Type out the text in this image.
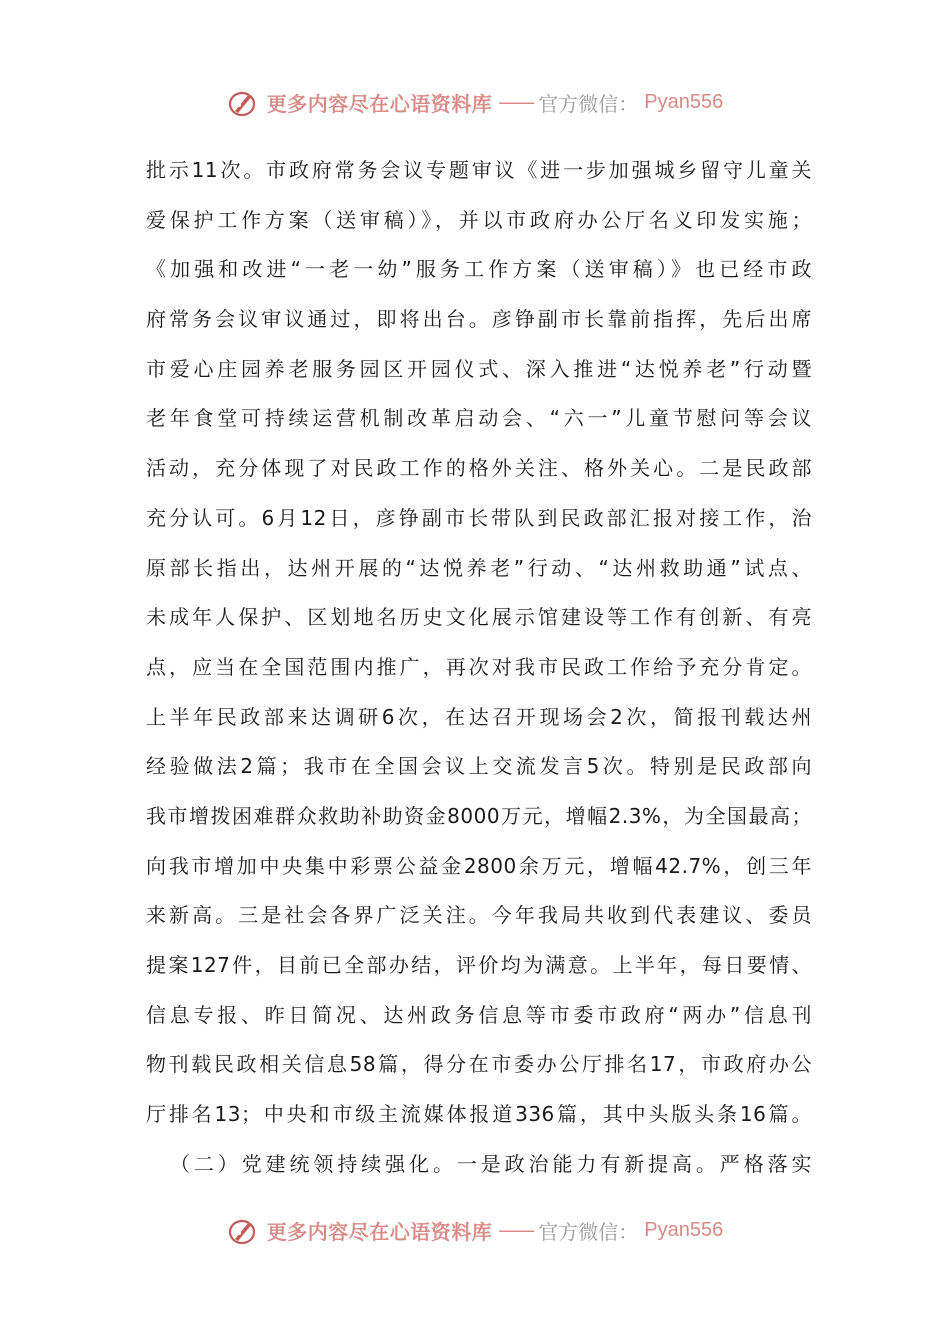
更多内容尽在心语资料库 —— 官方微信： Pyan556
批示11次。市政府常务会议专题审议《进一步加强城乡留守儿童关
爱保护工作方案（送审稿）》，并以市政府办公厅名义印发实施；
《加强和改进“一老一幼”服务工作方案（送审稿）》也已经市政
府常务会议审议通过，即将出台。彦铮副市长靠前指挥，先后出席
市爱心庄园养老服务园区开园仪式、深入推进“达悦养老”行动暨
老年食堂可持续运营机制改革启动会、“六一”儿童节慰问等会议
活动，充分体现了对民政工作的格外关注、格外关心。二是民政部
充分认可。6月12日，彦铮副市长带队到民政部汇报对接工作，治
原部长指出，达州开展的“达悦养老”行动、“达州救助通”试点、
未成年人保护、区划地名历史文化展示馆建设等工作有创新、有亮
点，应当在全国范围内推广，再次对我市民政工作给予充分肯定。
上半年民政部来达调研6次，在达召开现场会2次，简报刊载达州
经验做法2篇；我市在全国会议上交流发言5次。特别是民政部向
我市增拨困难群众救助补助资金8000万元，增幅2.3%，为全国最高；
向我市增加中央集中彩票公益金2800余万元，增幅42.7%，创三年
来新高。三是社会各界广泛关注。今年我局共收到代表建议、委员
提案127件，目前已全部办结，评价均为满意。上半年，每日要情、
信息专报、昨日简况、达州政务信息等市委市政府“两办”信息刊
物刊载民政相关信息58篇，得分在市委办公厅排名17，市政府办公
厅排名13；中央和市级主流媒体报道336篇，其中头版头条16篇。
（二）党建统领持续强化。一是政治能力有新提高。严格落实
更多内容尽在心语资料库 —— 官方微信： Pyan556
